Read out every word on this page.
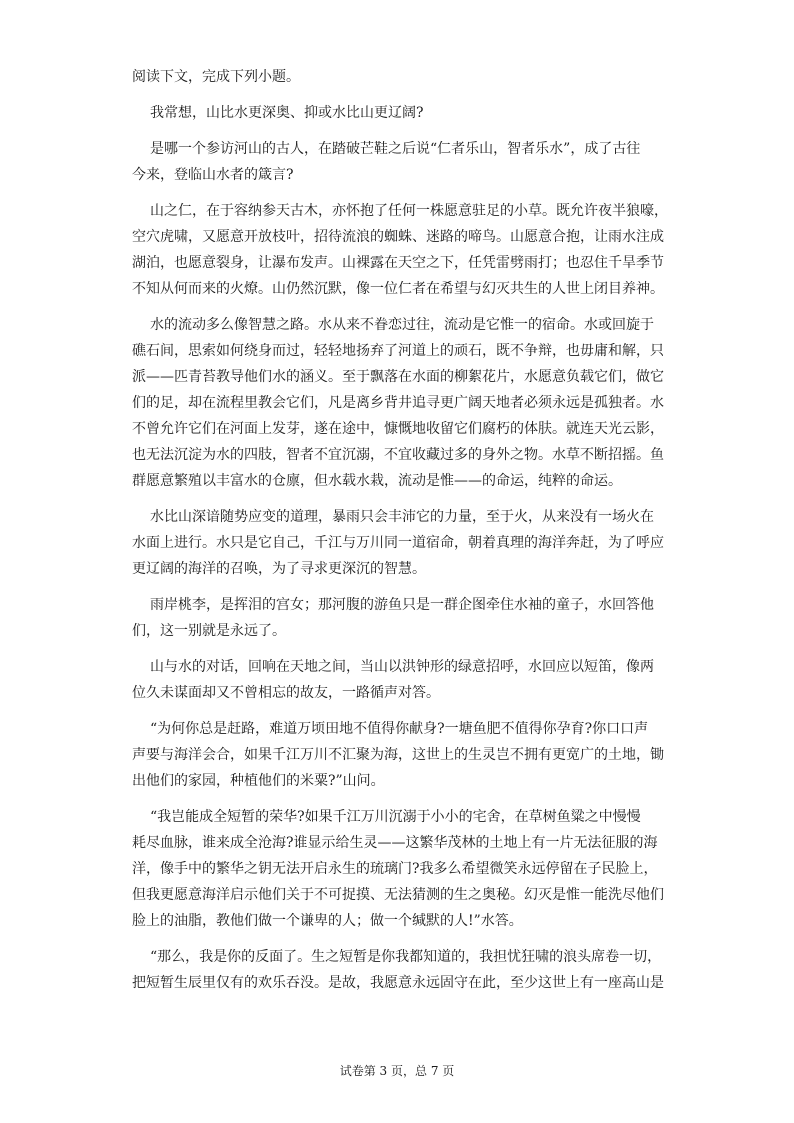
阅读下文，完成下列小题。
我常想，山比水更深奥、抑或水比山更辽阔?
是哪一个参访河山的古人，在踏破芒鞋之后说“仁者乐山，智者乐水”，成了古往
今来，登临山水者的箴言?
山之仁，在于容纳参天古木，亦怀抱了任何一株愿意驻足的小草。既允许夜半狼嚎，
空穴虎啸，又愿意开放枝叶，招待流浪的蜘蛛、迷路的啼鸟。山愿意合抱，让雨水注成
湖泊，也愿意裂身，让瀑布发声。山裸露在天空之下，任凭雷劈雨打；也忍住千旱季节
不知从何而来的火燎。山仍然沉默，像一位仁者在希望与幻灭共生的人世上闭目养神。
水的流动多么像智慧之路。水从来不眷恋过往，流动是它惟一的宿命。水或回旋于
礁石间，思索如何绕身而过，轻轻地扬弃了河道上的顽石，既不争辩，也毋庸和解，只
派——匹青苔教导他们水的涵义。至于飘落在水面的柳絮花片，水愿意负载它们，做它
们的足，却在流程里教会它们，凡是离乡背井追寻更广阔天地者必须永远是孤独者。水
不曾允许它们在河面上发芽，遂在途中，慷慨地收留它们腐朽的体肤。就连天光云影，
也无法沉淀为水的四肢，智者不宜沉溺，不宜收藏过多的身外之物。水草不断招摇。鱼
群愿意繁殖以丰富水的仓廪，但水载水栽，流动是惟——的命运，纯粹的命运。
水比山深谙随势应变的道理，暴雨只会丰沛它的力量，至于火，从来没有一场火在
水面上进行。水只是它自己，千江与万川同一道宿命，朝着真理的海洋奔赶，为了呼应
更辽阔的海洋的召唤，为了寻求更深沉的智慧。
雨岸桃李，是挥泪的宫女；那河腹的游鱼只是一群企图牵住水袖的童子，水回答他
们，这一别就是永远了。
山与水的对话，回响在天地之间，当山以洪钟形的绿意招呼，水回应以短笛，像两
位久未谋面却又不曾相忘的故友，一路循声对答。
“为何你总是赶路，难道万顷田地不值得你献身?一塘鱼肥不值得你孕育?你口口声
声要与海洋会合，如果千江万川不汇聚为海，这世上的生灵岂不拥有更宽广的土地，锄
出他们的家园，种植他们的米粟?”山问。
“我岂能成全短暂的荣华?如果千江万川沉溺于小小的宅舍，在草树鱼粱之中慢慢
耗尽血脉，谁来成全沧海?谁显示给生灵——这繁华茂林的土地上有一片无法征服的海
洋，像手中的繁华之钥无法开启永生的琉璃门?我多么希望微笑永远停留在子民脸上，
但我更愿意海洋启示他们关于不可捉摸、无法猜测的生之奥秘。幻灭是惟一能洗尽他们
脸上的油脂，教他们做一个谦卑的人；做一个缄默的人!”水答。
“那么，我是你的反面了。生之短暂是你我都知道的，我担忧狂啸的浪头席卷一切，
把短暂生辰里仅有的欢乐吞没。是故，我愿意永远固守在此，至少这世上有一座高山是
试卷第 3 页，总 7 页
